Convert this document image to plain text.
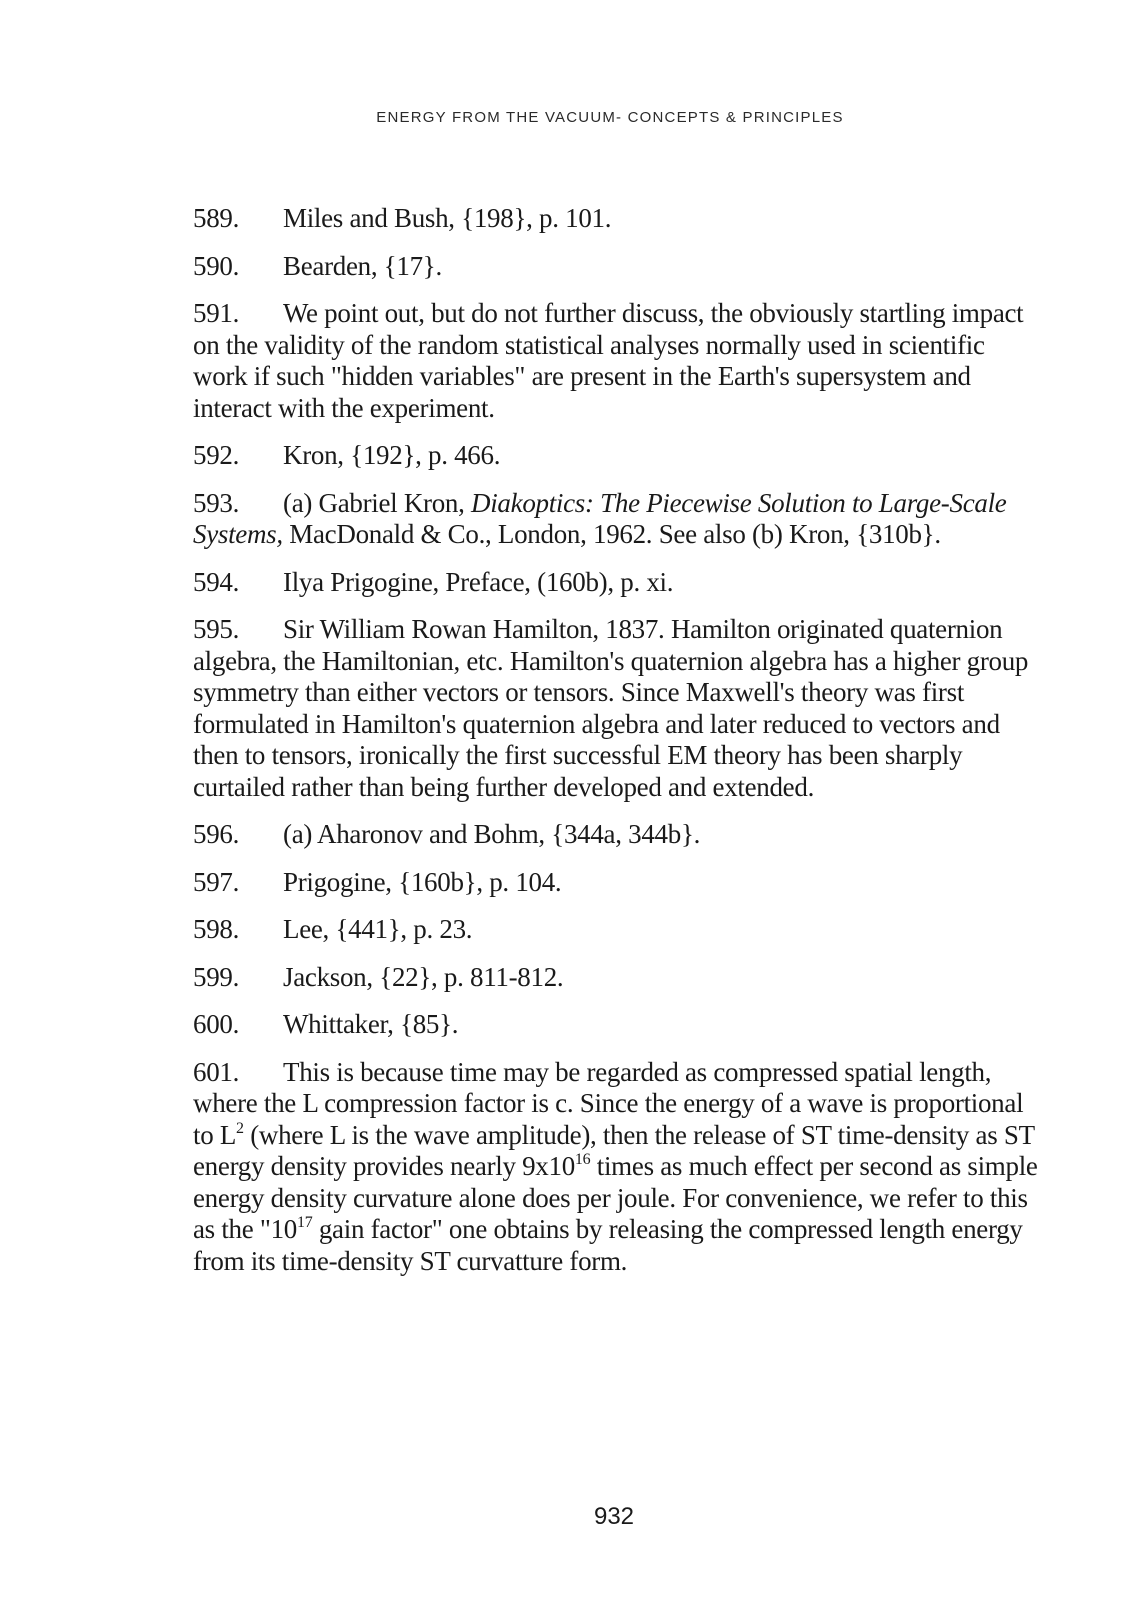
ENERGY FROM THE VACUUM- CONCEPTS & PRINCIPLES

589. Miles and Bush, {198}, p. 101.

590. Bearden, {17}.

591. We point out, but do not further discuss, the obviously startling impact on the validity of the random statistical analyses normally used in scientific work if such "hidden variables" are present in the Earth's supersystem and interact with the experiment.

592. Kron, {192}, p. 466.

593. (a) Gabriel Kron, Diakoptics: The Piecewise Solution to Large-Scale Systems, MacDonald & Co., London, 1962. See also (b) Kron, {310b}.

594. Ilya Prigogine, Preface, (160b), p. xi.

595. Sir William Rowan Hamilton, 1837. Hamilton originated quaternion algebra, the Hamiltonian, etc. Hamilton's quaternion algebra has a higher group symmetry than either vectors or tensors. Since Maxwell's theory was first formulated in Hamilton's quaternion algebra and later reduced to vectors and then to tensors, ironically the first successful EM theory has been sharply curtailed rather than being further developed and extended.

596. (a) Aharonov and Bohm, {344a, 344b}.

597. Prigogine, {160b}, p. 104.

598. Lee, {441}, p. 23.

599. Jackson, {22}, p. 811-812.

600. Whittaker, {85}.

601. This is because time may be regarded as compressed spatial length, where the L compression factor is c. Since the energy of a wave is proportional to $L^2$ (where L is the wave amplitude), then the release of ST time-density as ST energy density provides nearly $9x10^{16}$ times as much effect per second as simple energy density curvature alone does per joule. For convenience, we refer to this as the "$10^{17}$ gain factor" one obtains by releasing the compressed length energy from its time-density ST curvatture form.

932
